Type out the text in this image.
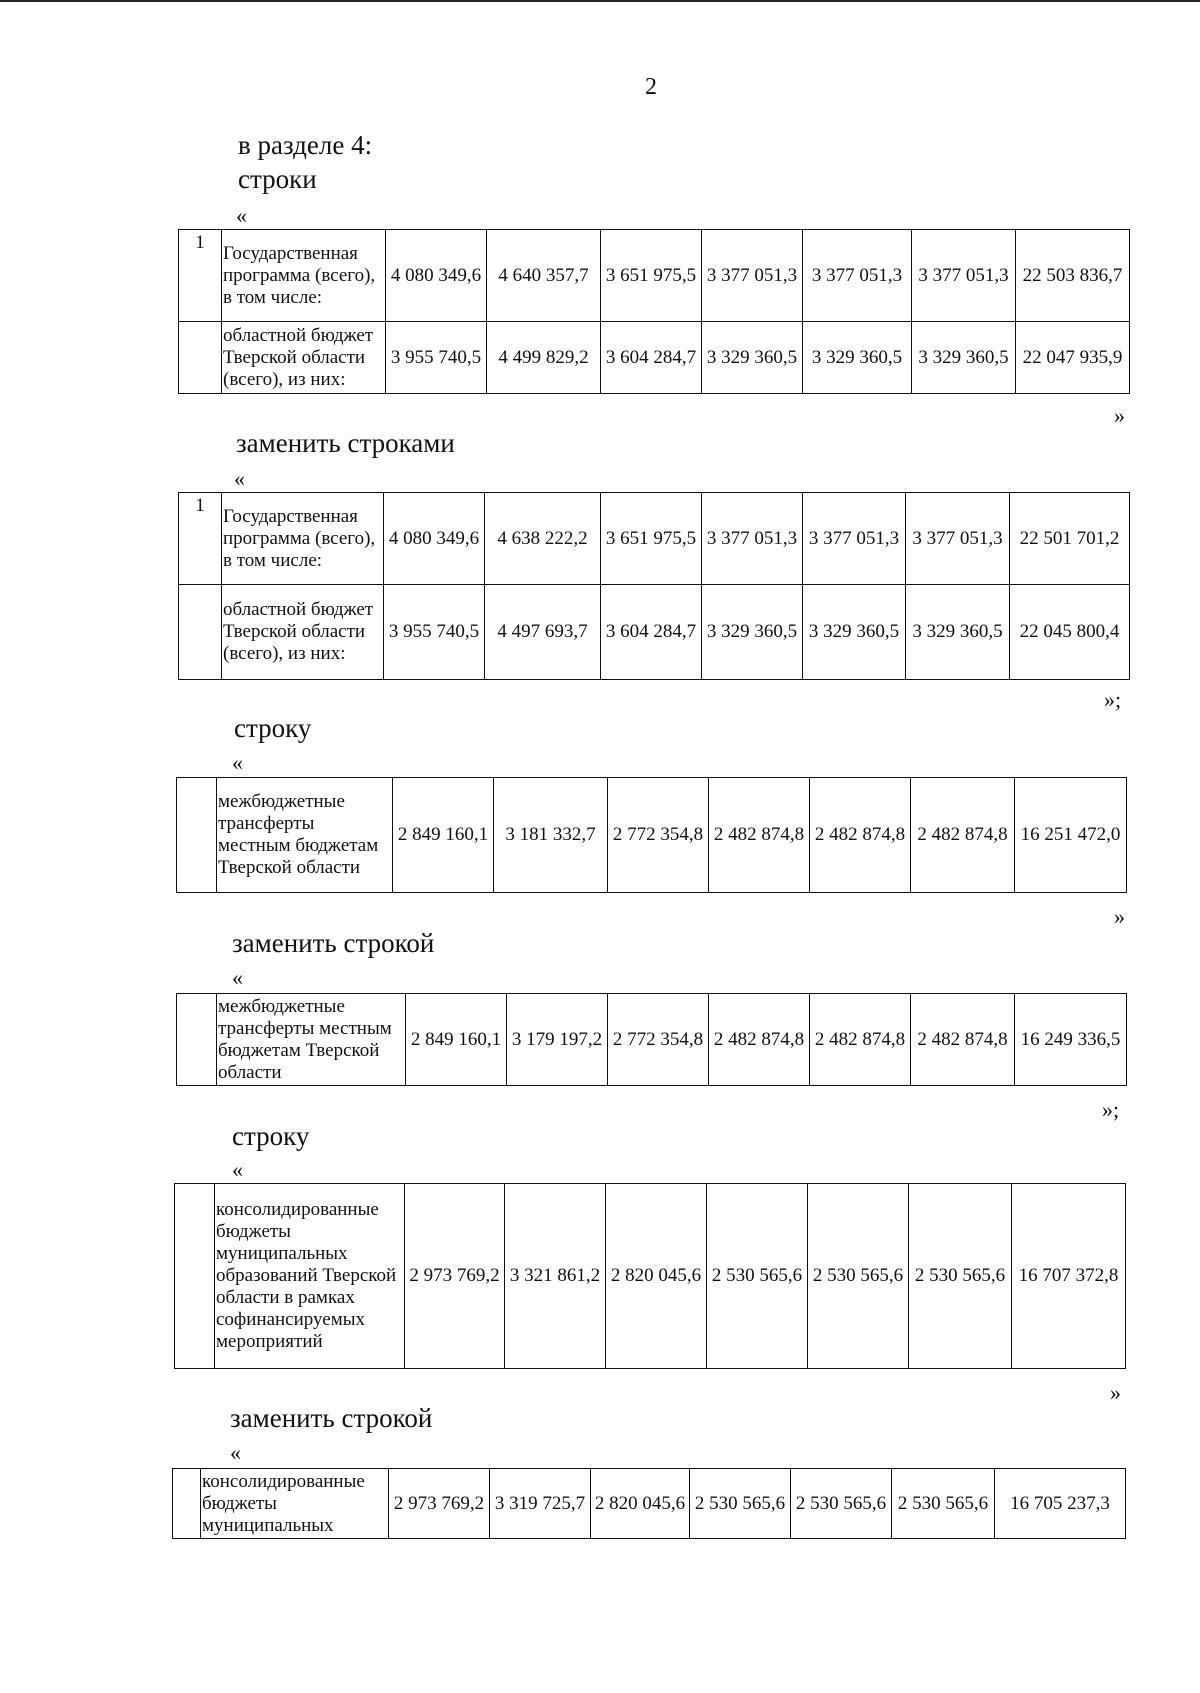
2
в разделе 4:
строки
«
1	Государственная программа (всего), в том числе:	4 080 349,6	4 640 357,7	3 651 975,5	3 377 051,3	3 377 051,3	3 377 051,3	22 503 836,7
	областной бюджет Тверской области (всего), из них:	3 955 740,5	4 499 829,2	3 604 284,7	3 329 360,5	3 329 360,5	3 329 360,5	22 047 935,9
»
заменить строками
«
1	Государственная программа (всего), в том числе:	4 080 349,6	4 638 222,2	3 651 975,5	3 377 051,3	3 377 051,3	3 377 051,3	22 501 701,2
	областной бюджет Тверской области (всего), из них:	3 955 740,5	4 497 693,7	3 604 284,7	3 329 360,5	3 329 360,5	3 329 360,5	22 045 800,4
»;
строку
«
	межбюджетные трансферты местным бюджетам Тверской области	2 849 160,1	3 181 332,7	2 772 354,8	2 482 874,8	2 482 874,8	2 482 874,8	16 251 472,0
»
заменить строкой
«
	межбюджетные трансферты местным бюджетам Тверской области	2 849 160,1	3 179 197,2	2 772 354,8	2 482 874,8	2 482 874,8	2 482 874,8	16 249 336,5
»;
строку
«
	консолидированные бюджеты муниципальных образований Тверской области в рамках софинансируемых мероприятий	2 973 769,2	3 321 861,2	2 820 045,6	2 530 565,6	2 530 565,6	2 530 565,6	16 707 372,8
»
заменить строкой
«
	консолидированные бюджеты муниципальных	2 973 769,2	3 319 725,7	2 820 045,6	2 530 565,6	2 530 565,6	2 530 565,6	16 705 237,3
